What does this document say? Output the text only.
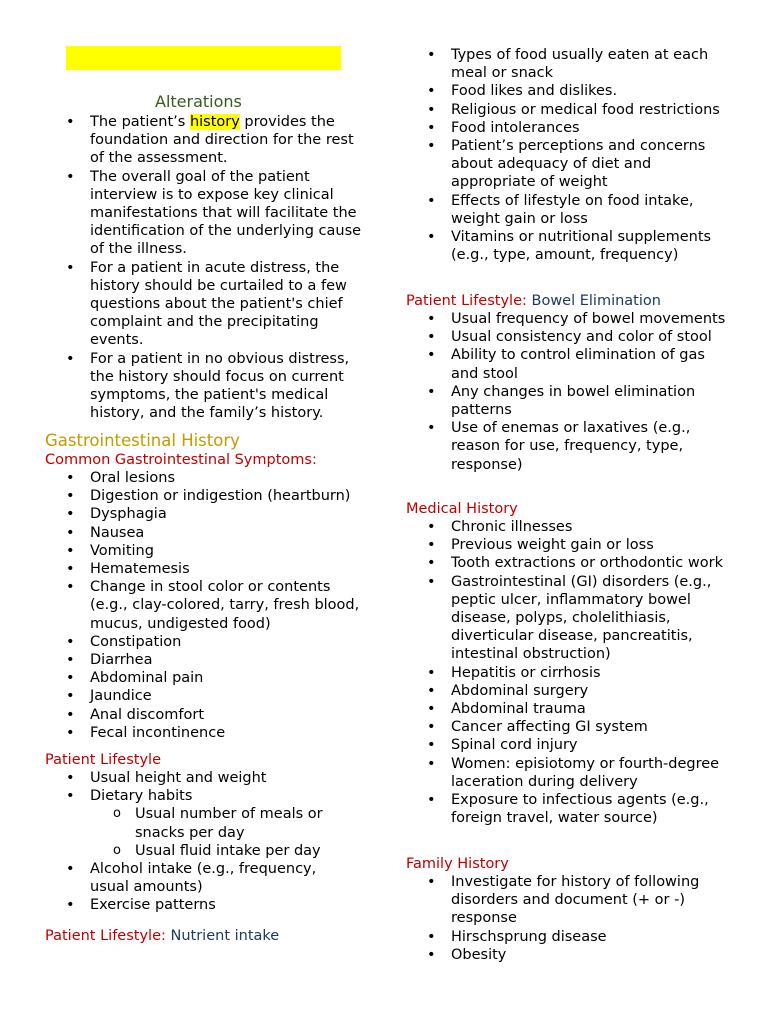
Alterations
• The patient’s history provides the foundation and direction for the rest of the assessment.
• The overall goal of the patient interview is to expose key clinical manifestations that will facilitate the identification of the underlying cause of the illness.
• For a patient in acute distress, the history should be curtailed to a few questions about the patient's chief complaint and the precipitating events.
• For a patient in no obvious distress, the history should focus on current symptoms, the patient's medical history, and the family’s history.
Gastrointestinal History
Common Gastrointestinal Symptoms:
• Oral lesions
• Digestion or indigestion (heartburn)
• Dysphagia
• Nausea
• Vomiting
• Hematemesis
• Change in stool color or contents (e.g., clay-colored, tarry, fresh blood, mucus, undigested food)
• Constipation
• Diarrhea
• Abdominal pain
• Jaundice
• Anal discomfort
• Fecal incontinence
Patient Lifestyle
• Usual height and weight
• Dietary habits
o Usual number of meals or snacks per day
o Usual fluid intake per day
• Alcohol intake (e.g., frequency, usual amounts)
• Exercise patterns
Patient Lifestyle: Nutrient intake
• Types of food usually eaten at each meal or snack
• Food likes and dislikes.
• Religious or medical food restrictions
• Food intolerances
• Patient’s perceptions and concerns about adequacy of diet and appropriate of weight
• Effects of lifestyle on food intake, weight gain or loss
• Vitamins or nutritional supplements (e.g., type, amount, frequency)
Patient Lifestyle: Bowel Elimination
• Usual frequency of bowel movements
• Usual consistency and color of stool
• Ability to control elimination of gas and stool
• Any changes in bowel elimination patterns
• Use of enemas or laxatives (e.g., reason for use, frequency, type, response)
Medical History
• Chronic illnesses
• Previous weight gain or loss
• Tooth extractions or orthodontic work
• Gastrointestinal (GI) disorders (e.g., peptic ulcer, inflammatory bowel disease, polyps, cholelithiasis, diverticular disease, pancreatitis, intestinal obstruction)
• Hepatitis or cirrhosis
• Abdominal surgery
• Abdominal trauma
• Cancer affecting GI system
• Spinal cord injury
• Women: episiotomy or fourth-degree laceration during delivery
• Exposure to infectious agents (e.g., foreign travel, water source)
Family History
• Investigate for history of following disorders and document (+ or -) response
• Hirschsprung disease
• Obesity
